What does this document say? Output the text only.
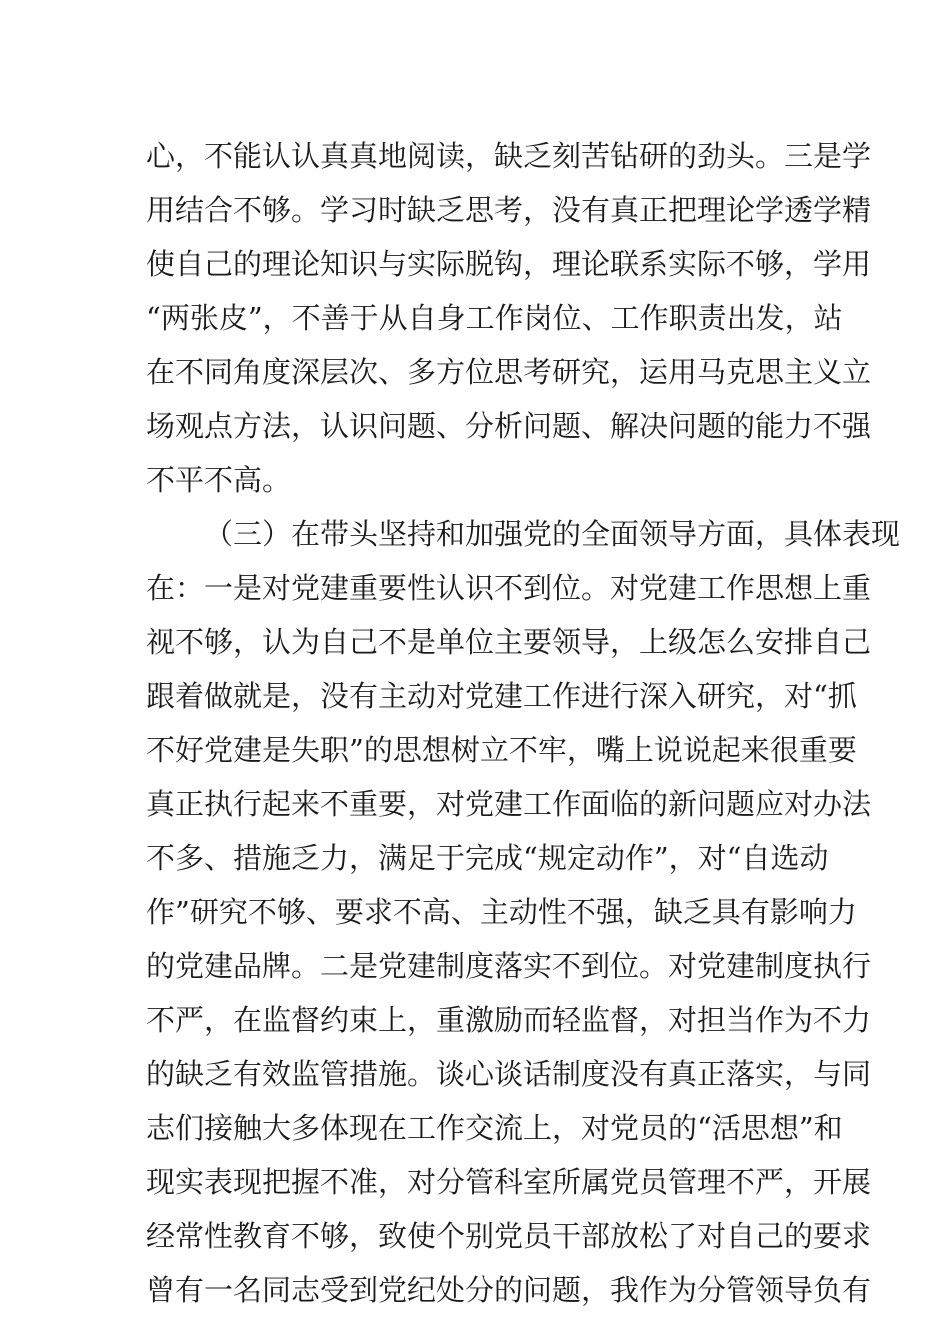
心，不能认认真真地阅读，缺乏刻苦钻研的劲头。三是学
用结合不够。学习时缺乏思考，没有真正把理论学透学精
使自己的理论知识与实际脱钩，理论联系实际不够，学用
“两张皮”，不善于从自身工作岗位、工作职责出发，站
在不同角度深层次、多方位思考研究，运用马克思主义立
场观点方法，认识问题、分析问题、解决问题的能力不强
不平不高。
（三）在带头坚持和加强党的全面领导方面，具体表现
在：一是对党建重要性认识不到位。对党建工作思想上重
视不够，认为自己不是单位主要领导，上级怎么安排自己
跟着做就是，没有主动对党建工作进行深入研究，对“抓
不好党建是失职”的思想树立不牢，嘴上说说起来很重要
真正执行起来不重要，对党建工作面临的新问题应对办法
不多、措施乏力，满足于完成“规定动作”，对“自选动
作”研究不够、要求不高、主动性不强，缺乏具有影响力
的党建品牌。二是党建制度落实不到位。对党建制度执行
不严，在监督约束上，重激励而轻监督，对担当作为不力
的缺乏有效监管措施。谈心谈话制度没有真正落实，与同
志们接触大多体现在工作交流上，对党员的“活思想”和
现实表现把握不准，对分管科室所属党员管理不严，开展
经常性教育不够，致使个别党员干部放松了对自己的要求
曾有一名同志受到党纪处分的问题，我作为分管领导负有
